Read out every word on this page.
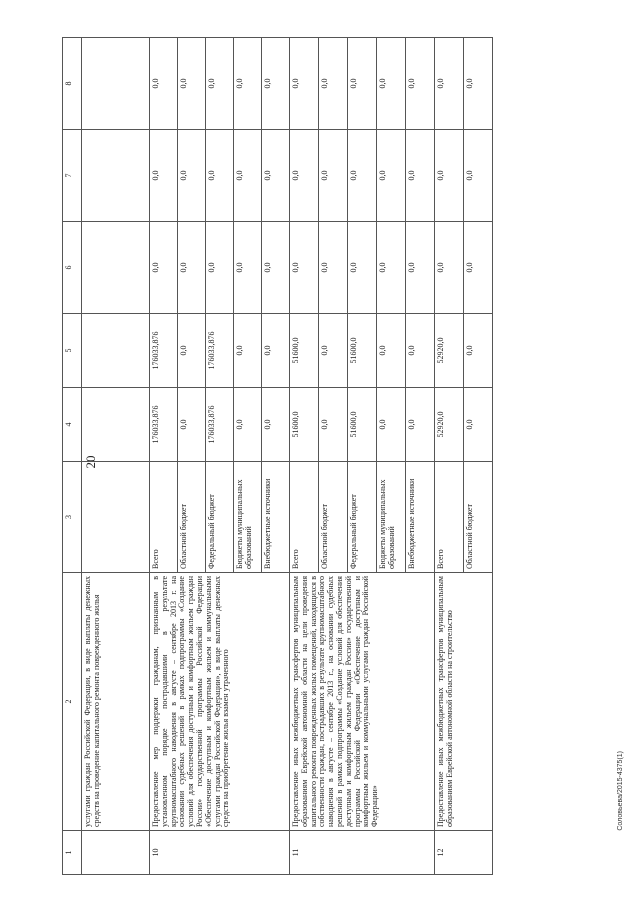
20
Соловьева/2015-4375(1)
1	2	3	4	5	6	7	8
	услугами граждан Российской Федерации, в виде выплаты денежных средств на проведение капитального ремонта поврежденного жилья						
10	Предоставление мер поддержки гражданам, признанным в установленном порядке пострадавшими в результате крупномасштабного наводнения в августе – сентябре 2013 г. на основании судебных решений в рамках подпрограммы «Создание условий для обеспечения доступным и комфортным жильем граждан России» государственной программы Российской Федерации «Обеспечение доступным и комфортным жильем и коммунальными услугами граждан Российской Федерации», в виде выплаты денежных средств на приобретение жилья взамен утраченного	Всего	176033,876	176033,876	0,0	0,0	0,0
		Областной бюджет	0,0	0,0	0,0	0,0	0,0
		Федеральный бюджет	176033,876	176033,876	0,0	0,0	0,0
		Бюджеты муниципальных образований	0,0	0,0	0,0	0,0	0,0
		Внебюджетные источники	0,0	0,0	0,0	0,0	0,0
11	Предоставление иных межбюджетных трансфертов муниципальным образованиям Еврейской автономной области на цели проведения капитального ремонта поврежденных жилых помещений, находящихся в собственности граждан, пострадавших в результате крупномасштабного наводнения в августе – сентябре 2013 г., на основании судебных решений в рамках подпрограммы «Создание условий для обеспечения доступным и комфортным жильем граждан России» государственной программы Российской Федерации «Обеспечение доступным и комфортным жильем и коммунальными услугами граждан Российской Федерации»	Всего	51600,0	51600,0	0,0	0,0	0,0
		Областной бюджет	0,0	0,0	0,0	0,0	0,0
		Федеральный бюджет	51600,0	51600,0	0,0	0,0	0,0
		Бюджеты муниципальных образований	0,0	0,0	0,0	0,0	0,0
		Внебюджетные источники	0,0	0,0	0,0	0,0	0,0
12	Предоставление иных межбюджетных трансфертов муниципальным образованиям Еврейской автономной области на строительство	Всего	52920,0	52920,0	0,0	0,0	0,0
		Областной бюджет	0,0	0,0	0,0	0,0	0,0
